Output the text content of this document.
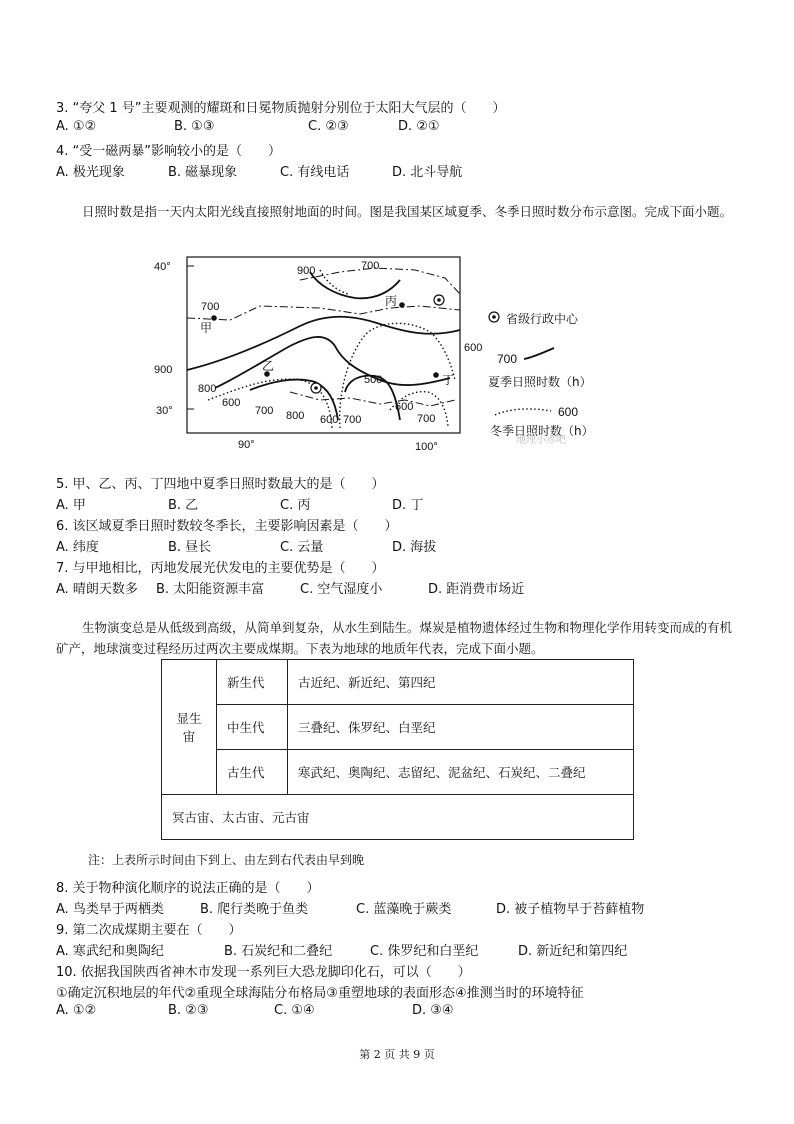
3. “夸父 1 号”主要观测的耀斑和日冕物质抛射分别位于太阳大气层的（　　）
A. ①②	B. ①③	C. ②③	D. ②①
4. “受一磁两暴”影响较小的是（　　）
A. 极光现象	B. 磁暴现象	C. 有线电话	D. 北斗导航
日照时数是指一天内太阳光线直接照射地面的时间。图是我国某区域夏季、冬季日照时数分布示意图。完成下面小题。
40°
900
30°
90°	100°
900	700
700
800
600
700 800 600 700
500
600
700
600
甲
乙
丙
丁
省级行政中心
700
夏季日照时数（h）
600
冬季日照时数（h）
地理小赤吧
5. 甲、乙、丙、丁四地中夏季日照时数最大的是（　　）
A. 甲	B. 乙	C. 丙	D. 丁
6. 该区域夏季日照时数较冬季长，主要影响因素是（　　）
A. 纬度	B. 昼长	C. 云量	D. 海拔
7. 与甲地相比，丙地发展光伏发电的主要优势是（　　）
A. 晴朗天数多 B. 太阳能资源丰富	C. 空气湿度小	D. 距消费市场近
生物演变总是从低级到高级，从简单到复杂，从水生到陆生。煤炭是植物遗体经过生物和物理化学作用转变而成的有机矿产，地球演变过程经历过两次主要成煤期。下表为地球的地质年代表，完成下面小题。
显生宙	新生代	古近纪、新近纪、第四纪
	中生代	三叠纪、侏罗纪、白垩纪
	古生代	寒武纪、奥陶纪、志留纪、泥盆纪、石炭纪、二叠纪
冥古宙、太古宙、元古宙		
注：上表所示时间由下到上、由左到右代表由早到晚
8. 关于物种演化顺序的说法正确的是（　　）
A. 鸟类早于两栖类	B. 爬行类晚于鱼类	C. 蓝藻晚于蕨类	D. 被子植物早于苔藓植物
9. 第二次成煤期主要在（　　）
A. 寒武纪和奥陶纪	B. 石炭纪和二叠纪	C. 侏罗纪和白垩纪	D. 新近纪和第四纪
10. 依据我国陕西省神木市发现一系列巨大恐龙脚印化石，可以（　　）
①确定沉积地层的年代②重现全球海陆分布格局③重塑地球的表面形态④推测当时的环境特征
A. ①②	B. ②③	C. ①④	D. ③④
第 2 页 共 9 页
